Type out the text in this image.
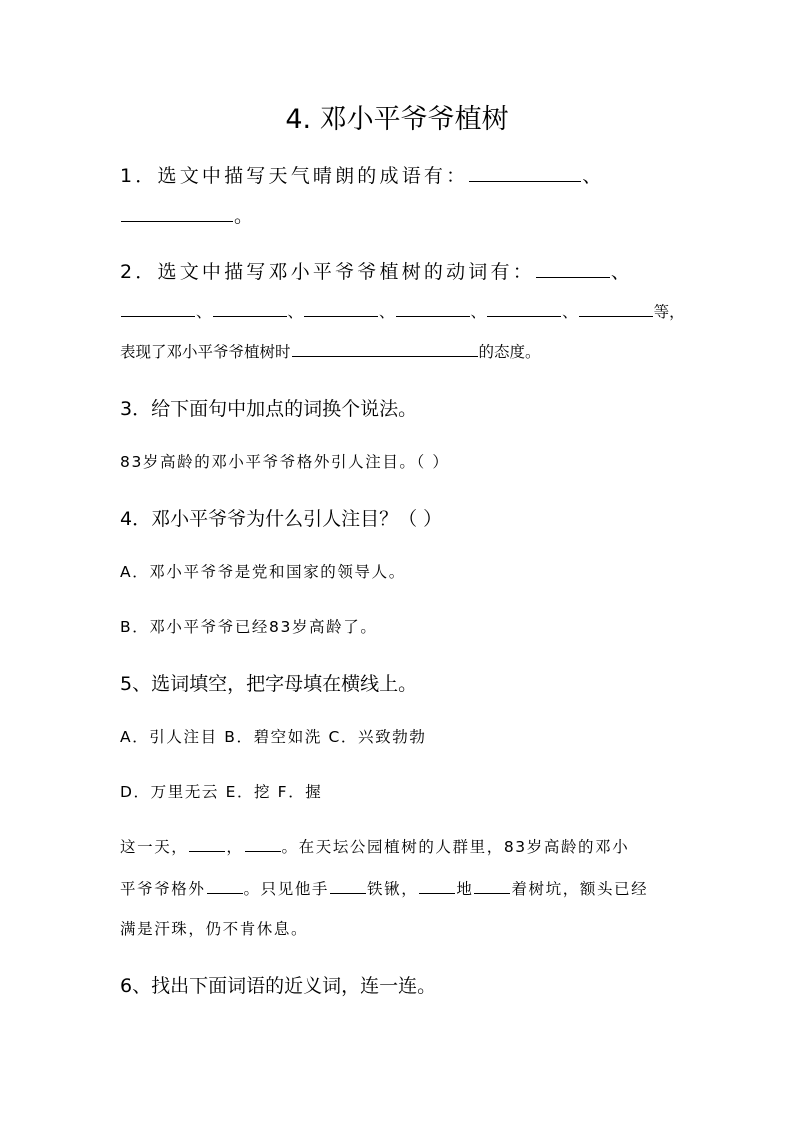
4. 邓小平爷爷植树
1．选文中描写天气晴朗的成语有：	、
。
2．选文中描写邓小平爷爷植树的动词有：	、
、	、	、	、	、	等，
表现了邓小平爷爷植树时	的态度。
3．给下面句中加点的词换个说法。
83岁高龄的邓小平爷爷格外引人注目。（ ）
4．邓小平爷爷为什么引人注目？（ ）
A．邓小平爷爷是党和国家的领导人。
B．邓小平爷爷已经83岁高龄了。
5、选词填空，把字母填在横线上。
A．引人注目 B．碧空如洗 C．兴致勃勃
D．万里无云 E．挖 F．握
这一天， ， 。在天坛公园植树的人群里，83岁高龄的邓小
平爷爷格外 。只见他手 铁锹， 地 着树坑，额头已经
满是汗珠，仍不肯休息。
6、找出下面词语的近义词，连一连。
